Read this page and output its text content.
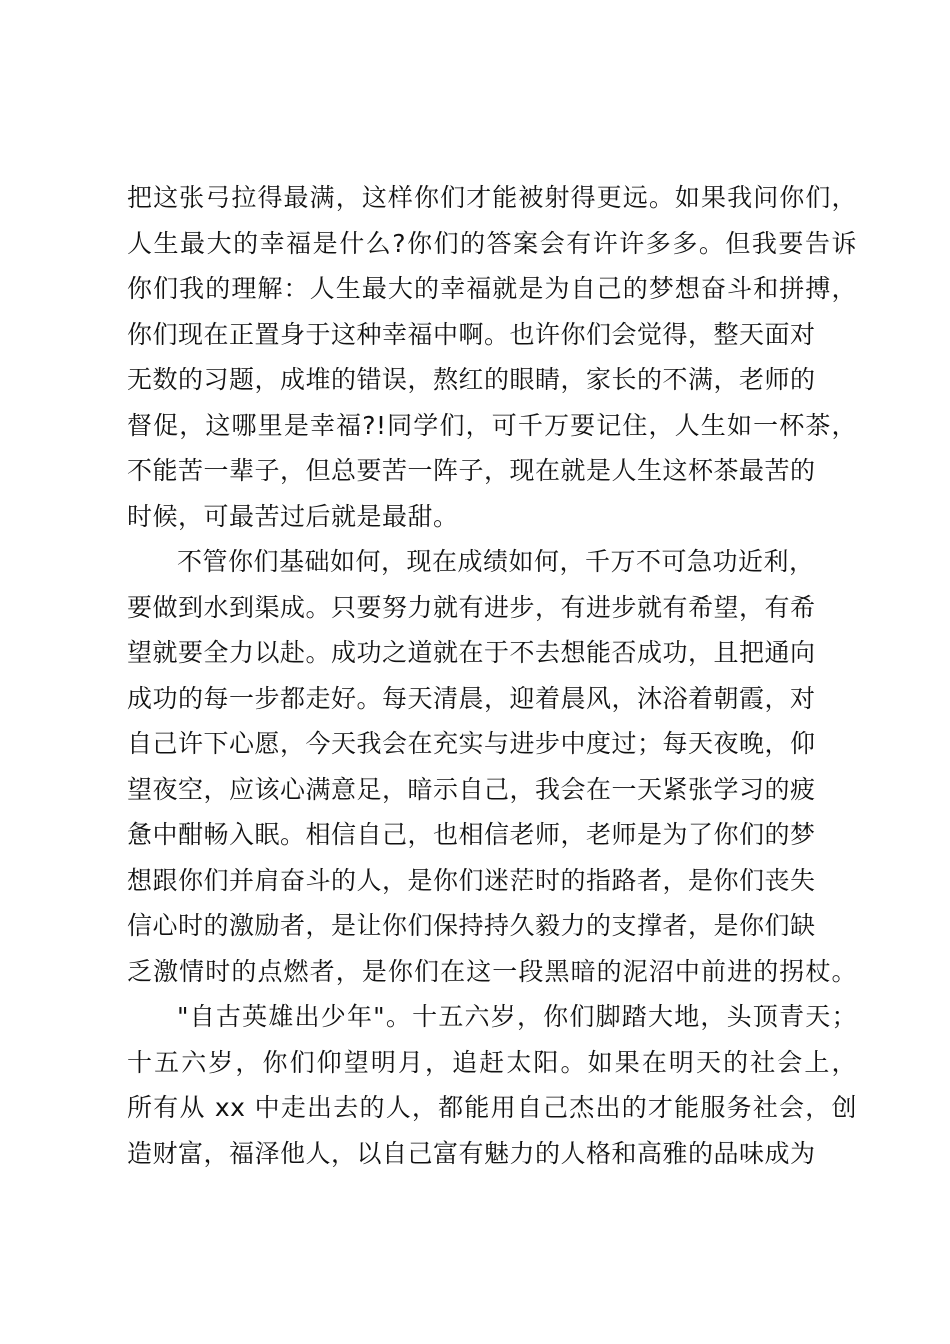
把这张弓拉得最满，这样你们才能被射得更远。如果我问你们，
人生最大的幸福是什么?你们的答案会有许许多多。但我要告诉
你们我的理解：人生最大的幸福就是为自己的梦想奋斗和拼搏，
你们现在正置身于这种幸福中啊。也许你们会觉得，整天面对
无数的习题，成堆的错误，熬红的眼睛，家长的不满，老师的
督促，这哪里是幸福?!同学们，可千万要记住，人生如一杯茶，
不能苦一辈子，但总要苦一阵子，现在就是人生这杯茶最苦的
时候，可最苦过后就是最甜。
不管你们基础如何，现在成绩如何，千万不可急功近利，
要做到水到渠成。只要努力就有进步，有进步就有希望，有希
望就要全力以赴。成功之道就在于不去想能否成功，且把通向
成功的每一步都走好。每天清晨，迎着晨风，沐浴着朝霞，对
自己许下心愿，今天我会在充实与进步中度过；每天夜晚，仰
望夜空，应该心满意足，暗示自己，我会在一天紧张学习的疲
惫中酣畅入眠。相信自己，也相信老师，老师是为了你们的梦
想跟你们并肩奋斗的人，是你们迷茫时的指路者，是你们丧失
信心时的激励者，是让你们保持持久毅力的支撑者，是你们缺
乏激情时的点燃者，是你们在这一段黑暗的泥沼中前进的拐杖。
"自古英雄出少年"。十五六岁，你们脚踏大地，头顶青天；
十五六岁，你们仰望明月，追赶太阳。如果在明天的社会上，
所有从 xx 中走出去的人，都能用自己杰出的才能服务社会，创
造财富，福泽他人，以自己富有魅力的人格和高雅的品味成为
